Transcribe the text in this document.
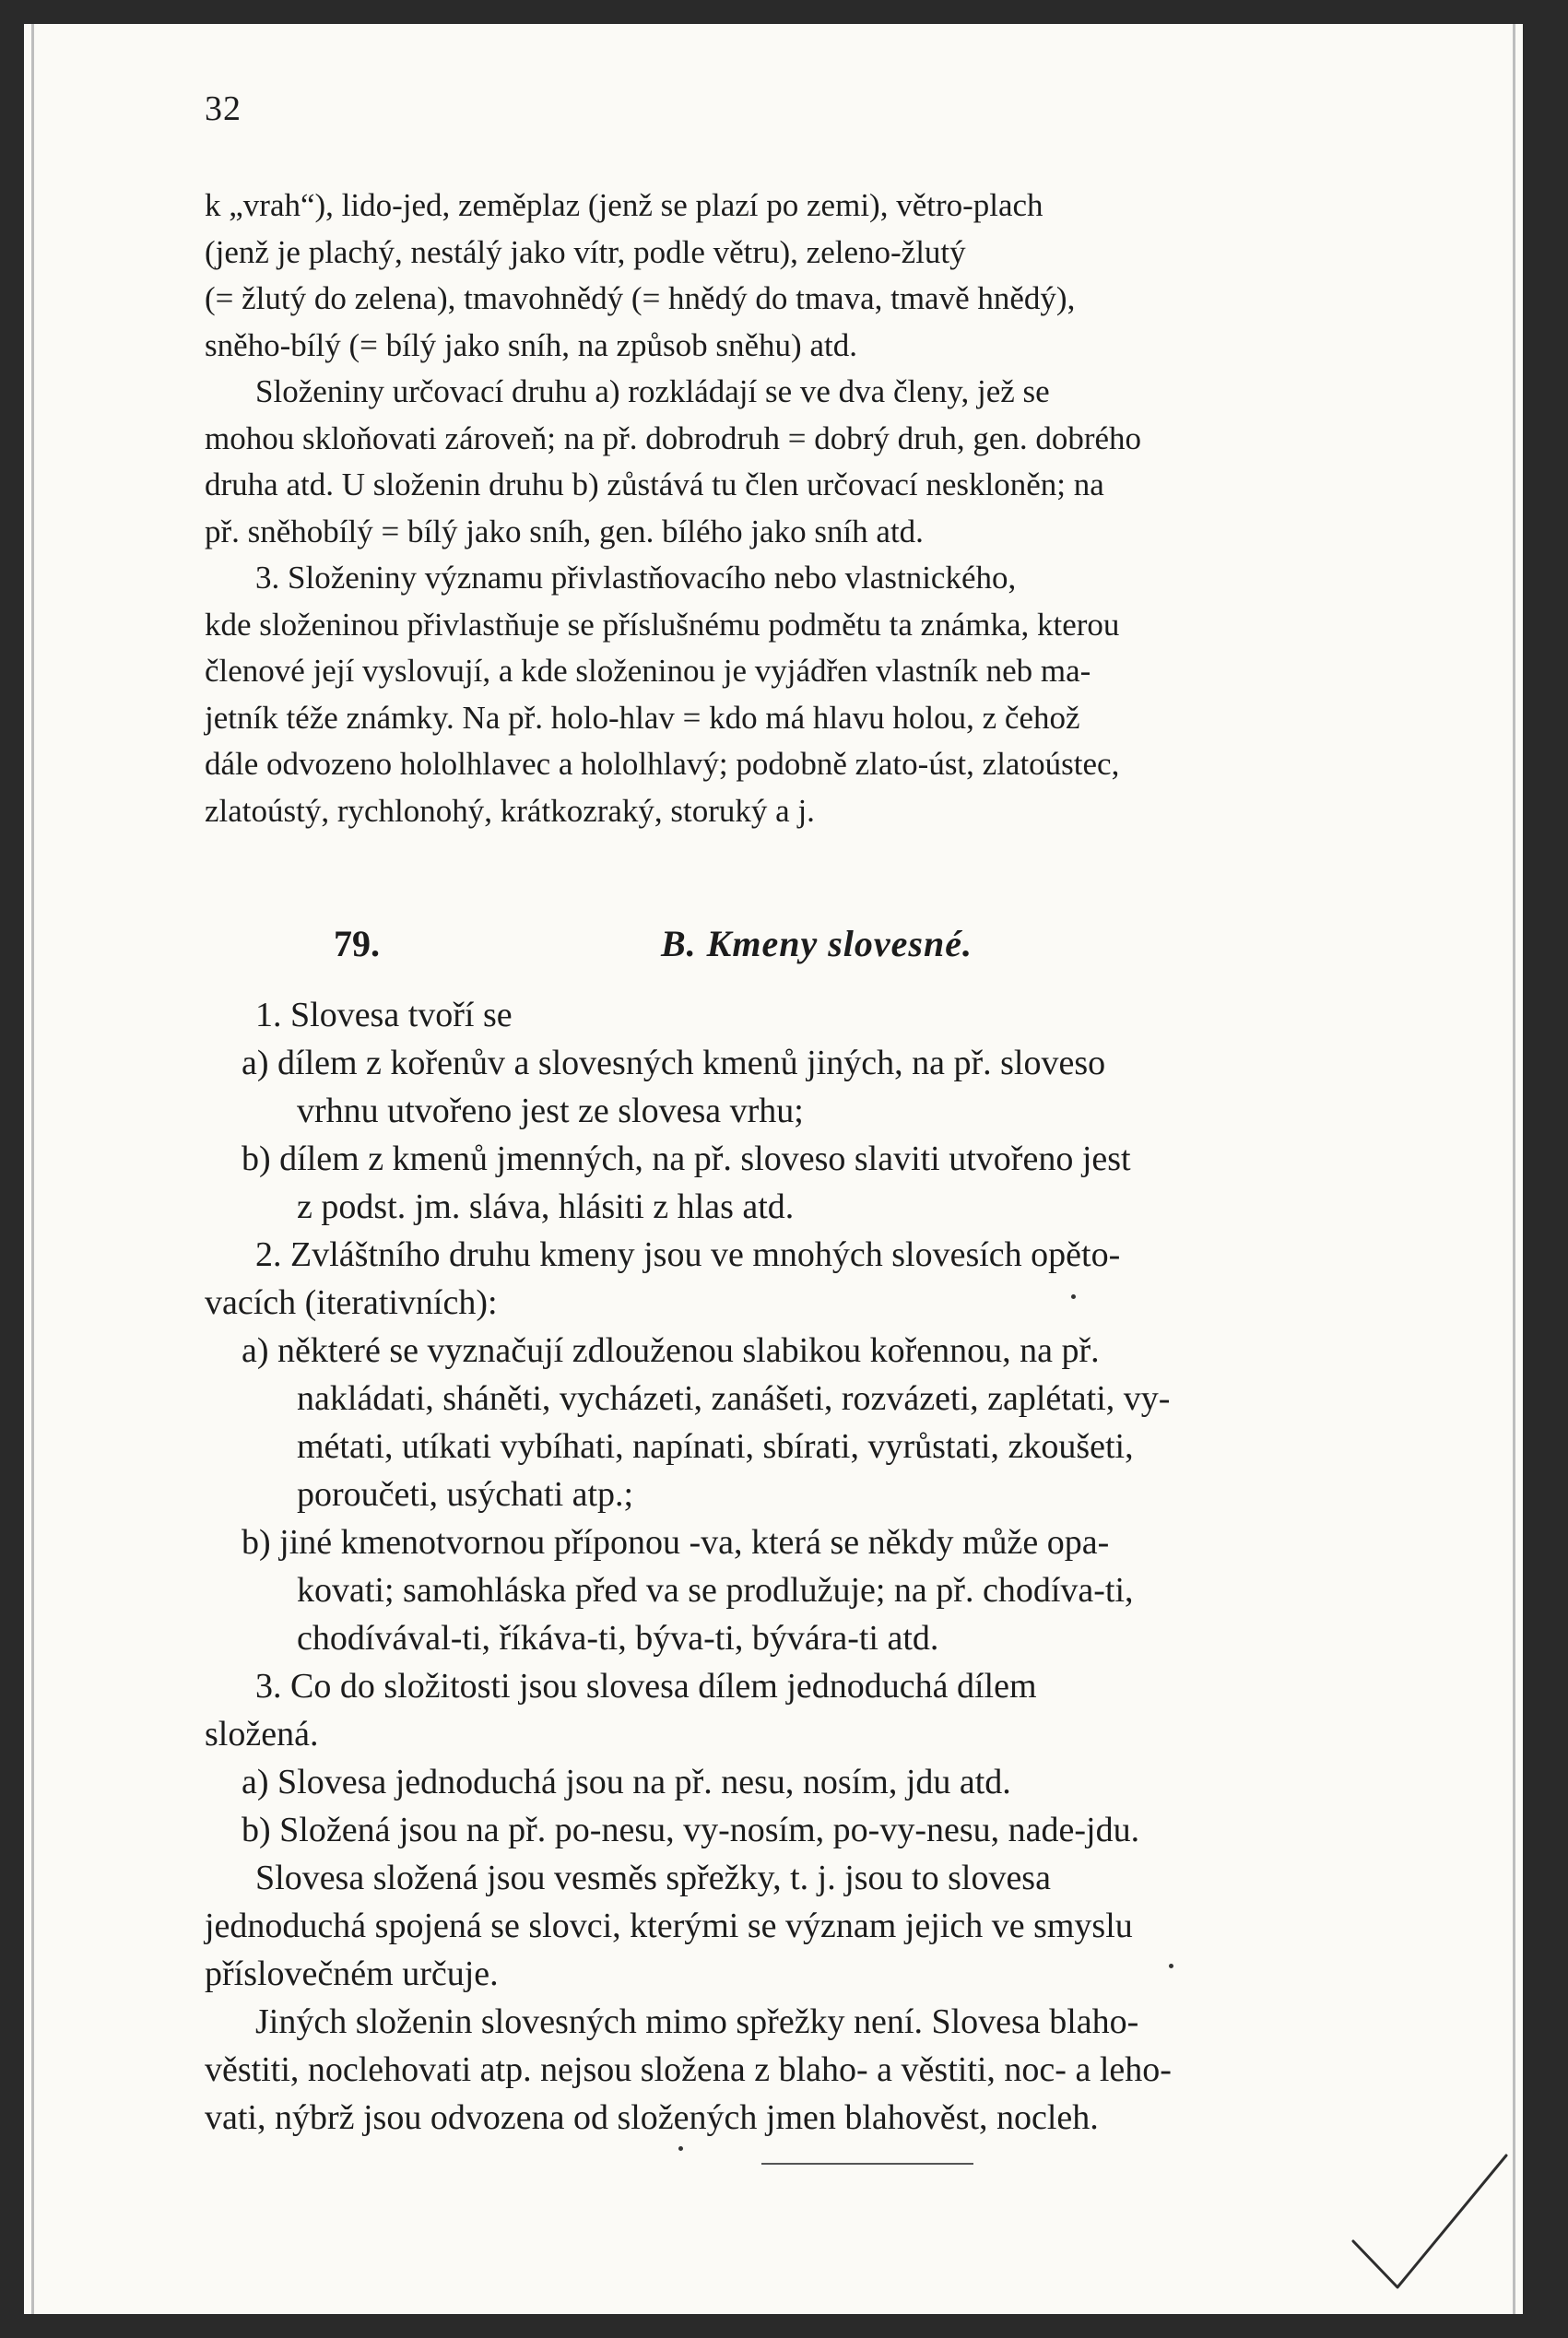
32
k „vrah“), lido-jed, zeměplaz (jenž se plazí po zemi), větro-plach
(jenž je plachý, nestálý jako vítr, podle větru), zeleno-žlutý
(= žlutý do zelena), tmavohnědý (= hnědý do tmava, tmavě hnědý),
sněho-bílý (= bílý jako sníh, na způsob sněhu) atd.
Složeniny určovací druhu a) rozkládají se ve dva členy, jež se
mohou skloňovati zároveň; na př. dobrodruh = dobrý druh, gen. dobrého
druha atd. U složenin druhu b) zůstává tu člen určovací neskloněn; na
př. sněhobílý = bílý jako sníh, gen. bílého jako sníh atd.
3. Složeniny významu přivlastňovacího nebo vlastnického,
kde složeninou přivlastňuje se příslušnému podmětu ta známka, kterou
členové její vyslovují, a kde složeninou je vyjádřen vlastník neb ma-
jetník téže známky. Na př. holo-hlav = kdo má hlavu holou, z čehož
dále odvozeno hololhlavec a hololhlavý; podobně zlato-úst, zlatoústec,
zlatoústý, rychlonohý, krátkozraký, storuký a j.
79.	B. Kmeny slovesné.
1. Slovesa tvoří se
a) dílem z kořenův a slovesných kmenů jiných, na př. sloveso
vrhnu utvořeno jest ze slovesa vrhu;
b) dílem z kmenů jmenných, na př. sloveso slaviti utvořeno jest
z podst. jm. sláva, hlásiti z hlas atd.
2. Zvláštního druhu kmeny jsou ve mnohých slovesích opěto-
vacích (iterativních):
a) některé se vyznačují zdlouženou slabikou kořennou, na př.
nakládati, sháněti, vycházeti, zanášeti, rozvázeti, zaplétati, vy-
métati, utíkati vybíhati, napínati, sbírati, vyrůstati, zkoušeti,
poroučeti, usýchati atp.;
b) jiné kmenotvornou příponou -va, která se někdy může opa-
kovati; samohláska před va se prodlužuje; na př. chodíva-ti,
chodívával-ti, říkáva-ti, býva-ti, bývára-ti atd.
3. Co do složitosti jsou slovesa dílem jednoduchá dílem
složená.
a) Slovesa jednoduchá jsou na př. nesu, nosím, jdu atd.
b) Složená jsou na př. po-nesu, vy-nosím, po-vy-nesu, nade-jdu.
Slovesa složená jsou vesměs spřežky, t. j. jsou to slovesa
jednoduchá spojená se slovci, kterými se význam jejich ve smyslu
příslovečném určuje.
Jiných složenin slovesných mimo spřežky není. Slovesa blaho-
věstiti, noclehovati atp. nejsou složena z blaho- a věstiti, noc- a leho-
vati, nýbrž jsou odvozena od složených jmen blahověst, nocleh.
